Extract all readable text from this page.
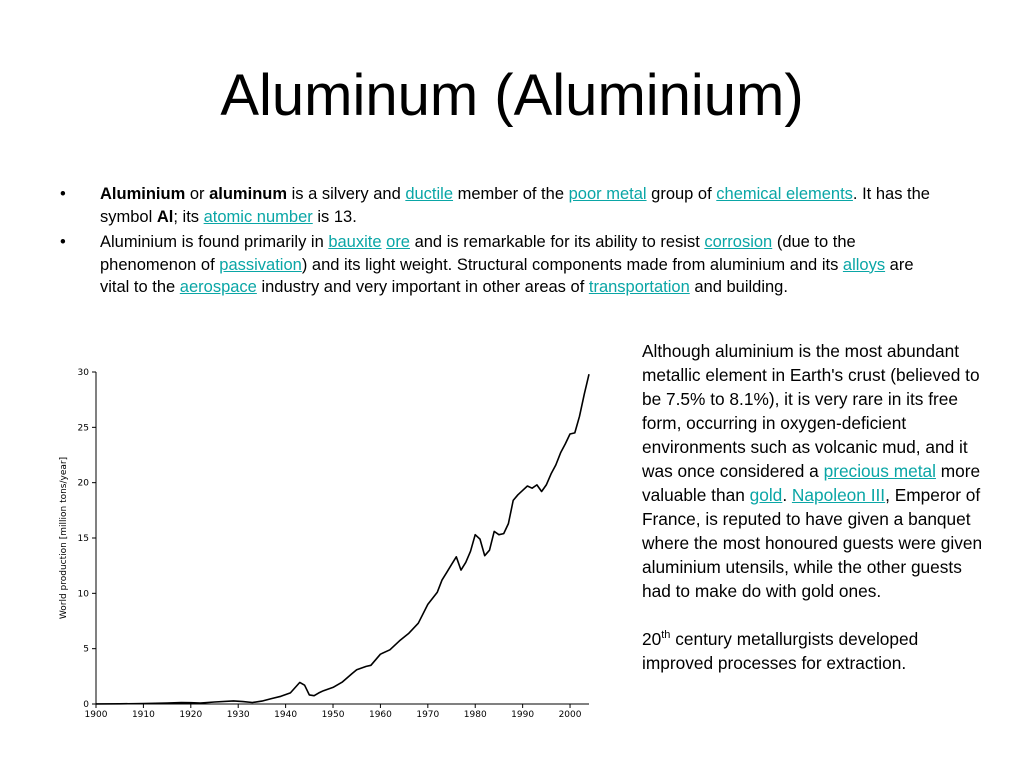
Aluminum (Aluminium)
• Aluminium or aluminum is a silvery and ductile member of the poor metal group of chemical elements. It has the symbol Al; its atomic number is 13.
• Aluminium is found primarily in bauxite ore and is remarkable for its ability to resist corrosion (due to the phenomenon of passivation) and its light weight. Structural components made from aluminium and its alloys are vital to the aerospace industry and very important in other areas of transportation and building.

Although aluminium is the most abundant metallic element in Earth's crust (believed to be 7.5% to 8.1%), it is very rare in its free form, occurring in oxygen-deficient environments such as volcanic mud, and it was once considered a precious metal more valuable than gold. Napoleon III, Emperor of France, is reputed to have given a banquet where the most honoured guests were given aluminium utensils, while the other guests had to make do with gold ones.

20th century metallurgists developed improved processes for extraction.

0
5
10
15
20
25
30
1900	1910	1920	1930	1940	1950	1960	1970	1980	1990	2000
World production [million tons/year]
